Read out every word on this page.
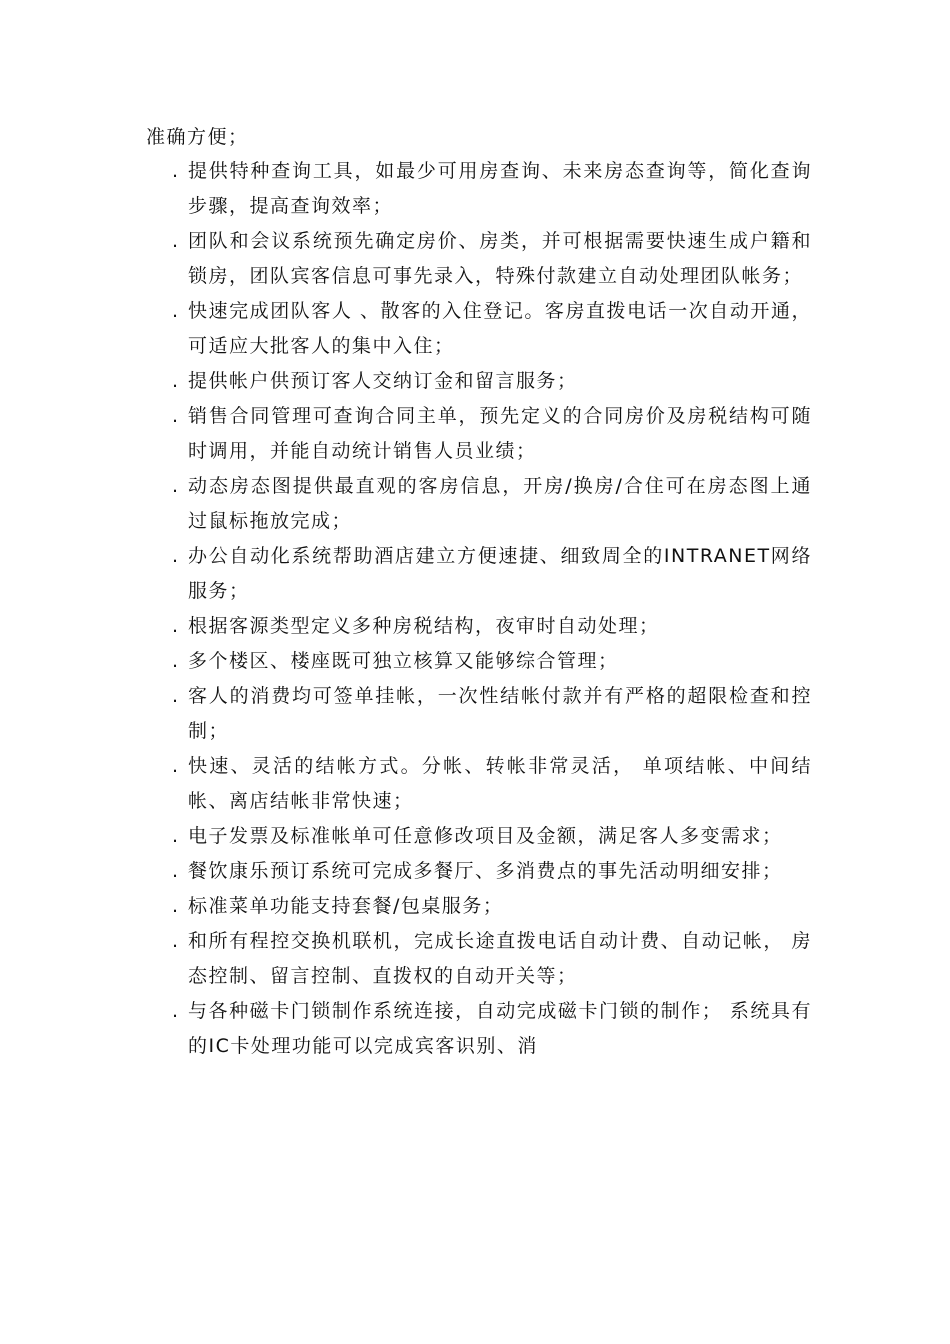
准确方便；
. 提供特种查询工具，如最少可用房查询、未来房态查询等，简化查询步骤，提高查询效率；
. 团队和会议系统预先确定房价、房类，并可根据需要快速生成户籍和锁房，团队宾客信息可事先录入，特殊付款建立自动处理团队帐务；
. 快速完成团队客人 、散客的入住登记。客房直拨电话一次自动开通，可适应大批客人的集中入住；
. 提供帐户供预订客人交纳订金和留言服务；
. 销售合同管理可查询合同主单，预先定义的合同房价及房税结构可随时调用，并能自动统计销售人员业绩；
. 动态房态图提供最直观的客房信息，开房/换房/合住可在房态图上通过鼠标拖放完成；
. 办公自动化系统帮助酒店建立方便速捷、细致周全的INTRANET网络服务；
. 根据客源类型定义多种房税结构，夜审时自动处理；
. 多个楼区、楼座既可独立核算又能够综合管理；
. 客人的消费均可签单挂帐，一次性结帐付款并有严格的超限检查和控制；
. 快速、灵活的结帐方式。分帐、转帐非常灵活， 单项结帐、中间结帐、离店结帐非常快速；
. 电子发票及标准帐单可任意修改项目及金额，满足客人多变需求；
. 餐饮康乐预订系统可完成多餐厅、多消费点的事先活动明细安排；
. 标准菜单功能支持套餐/包桌服务；
. 和所有程控交换机联机，完成长途直拨电话自动计费、自动记帐， 房态控制、留言控制、直拨权的自动开关等；
. 与各种磁卡门锁制作系统连接，自动完成磁卡门锁的制作； 系统具有的IC卡处理功能可以完成宾客识别、消
